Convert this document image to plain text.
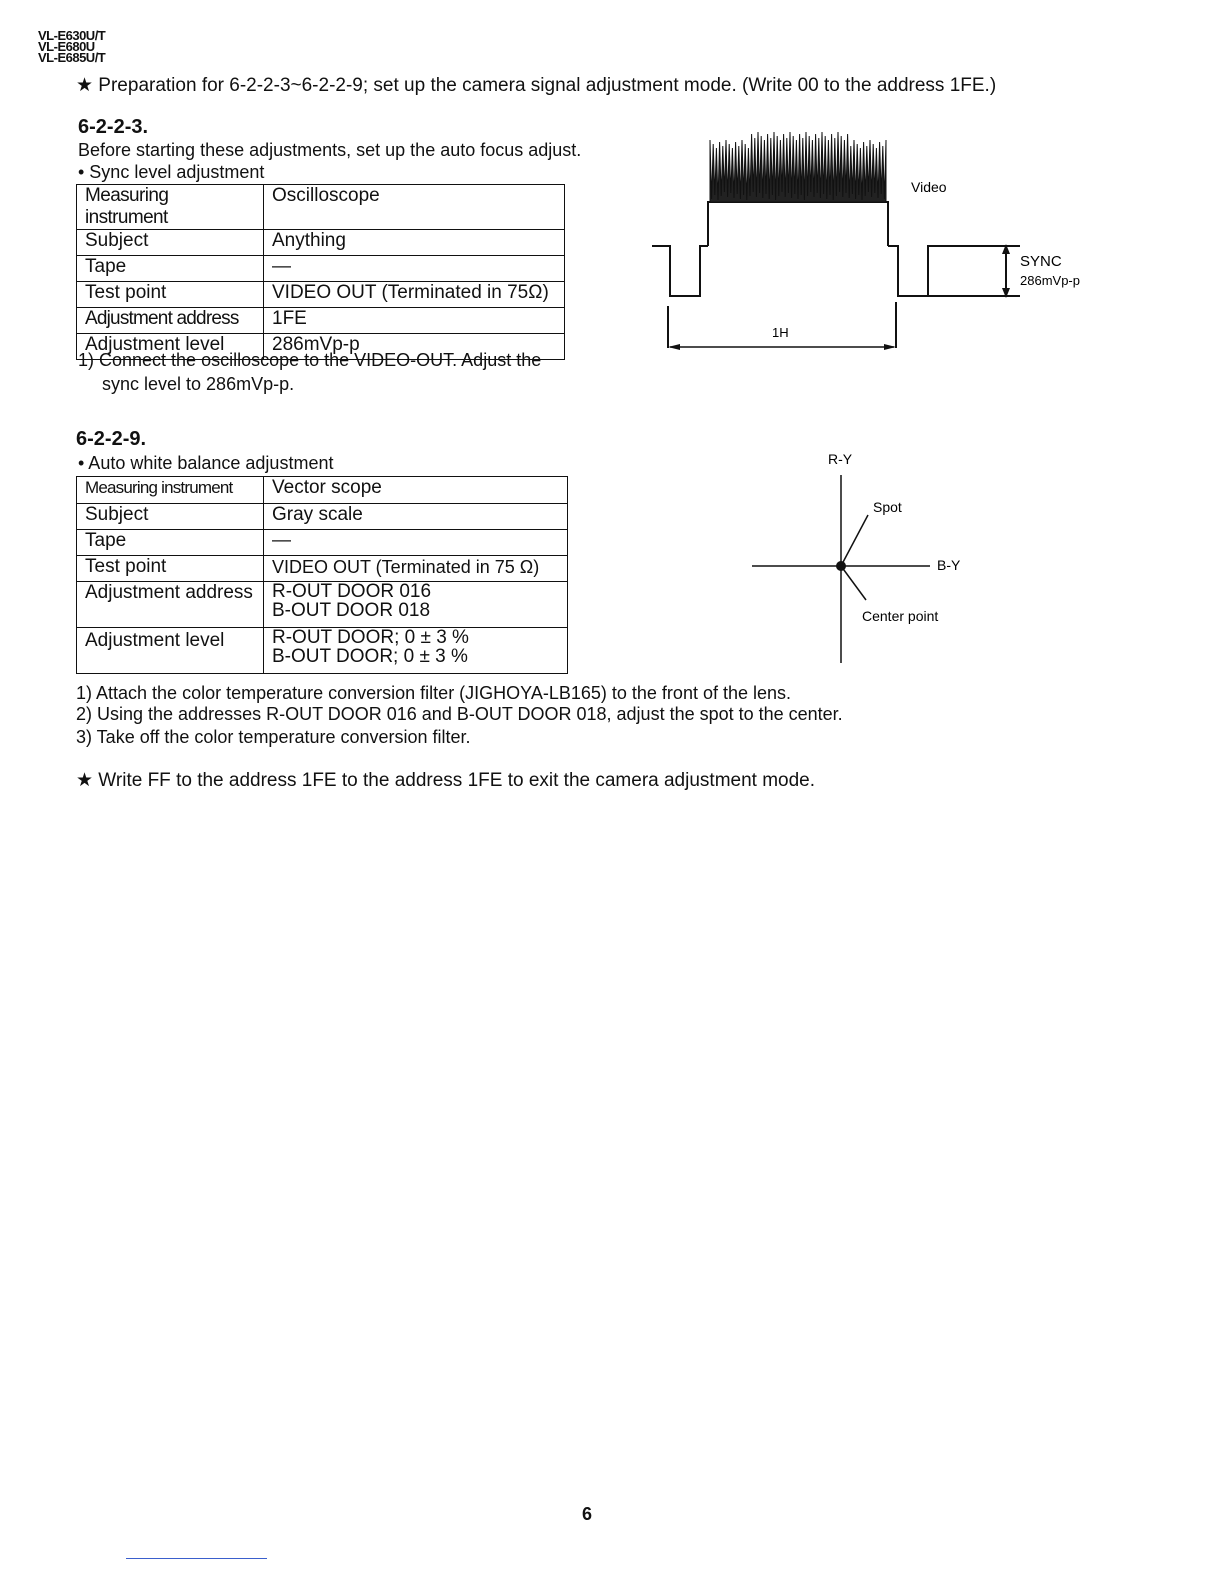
VL-E630U/T
VL-E680U
VL-E685U/T
★ Preparation for 6-2-2-3~6-2-2-9; set up the camera signal adjustment mode. (Write 00 to the address 1FE.)
6-2-2-3.
Before starting these adjustments, set up the auto focus adjust.
• Sync level adjustment
Measuring instrument	Oscilloscope
Subject	Anything
Tape	—
Test point	VIDEO OUT (Terminated in 75Ω)
Adjustment address	1FE
Adjustment level	286mVp-p
1) Connect the oscilloscope to the VIDEO-OUT. Adjust the
sync level to 286mVp-p.
Video
SYNC
286mVp-p
1H
6-2-2-9.
• Auto white balance adjustment
Measuring instrument	Vector scope
Subject	Gray scale
Tape	—
Test point	VIDEO OUT (Terminated in 75 Ω)
Adjustment address	R-OUT DOOR 016
B-OUT DOOR 018

Adjustment level	R-OUT DOOR; 0 ± 3 %
B-OUT DOOR; 0 ± 3 %
R-Y
B-Y
Spot
Center point
1) Attach the color temperature conversion filter (JIGHOYA-LB165) to the front of the lens.
2) Using the addresses R-OUT DOOR 016 and B-OUT DOOR 018, adjust the spot to the center.
3) Take off the color temperature conversion filter.
★ Write FF to the address 1FE to the address 1FE to exit the camera adjustment mode.
6
